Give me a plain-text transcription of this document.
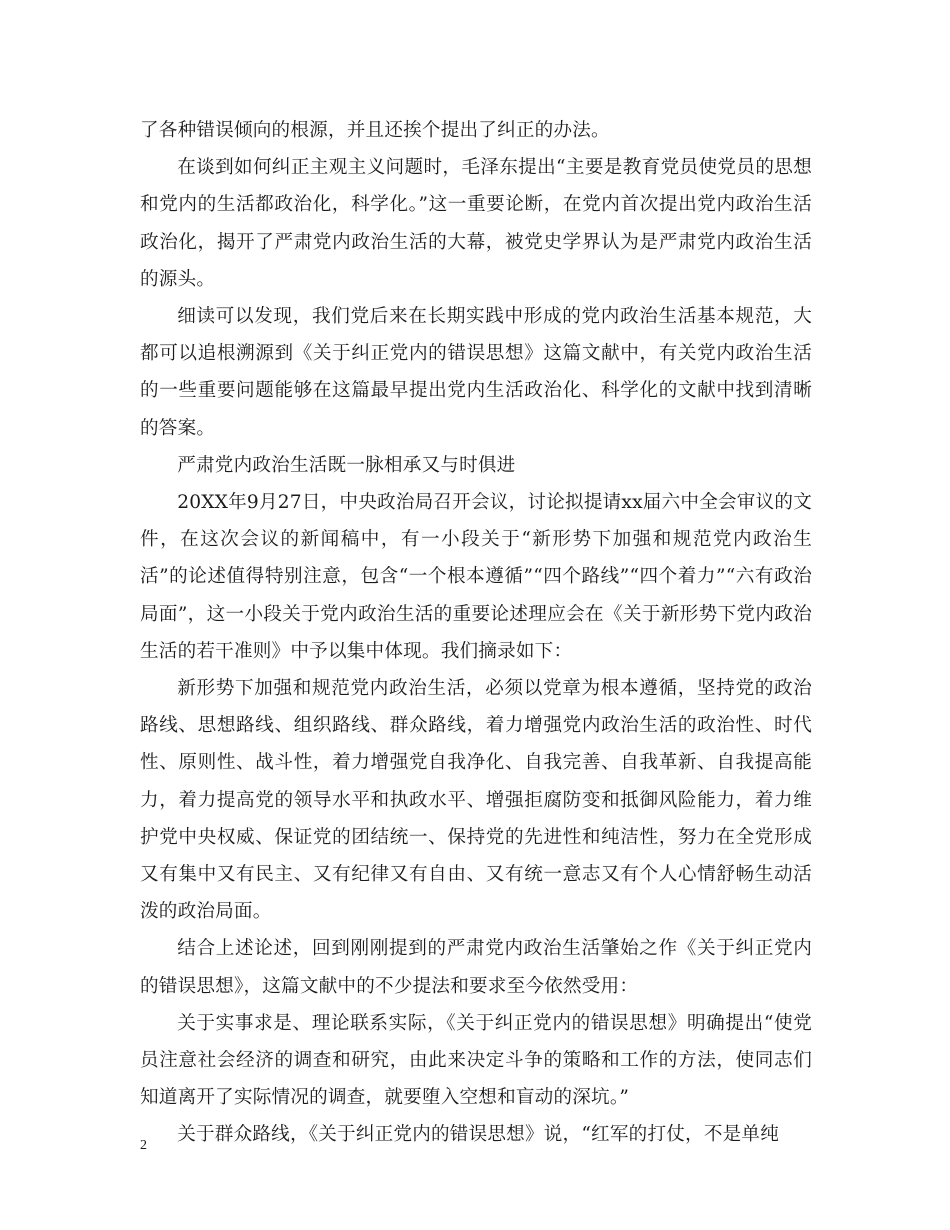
了各种错误倾向的根源，并且还挨个提出了纠正的办法。

在谈到如何纠正主观主义问题时，毛泽东提出“主要是教育党员使党员的思想和党内的生活都政治化，科学化。”这一重要论断，在党内首次提出党内政治生活政治化，揭开了严肃党内政治生活的大幕，被党史学界认为是严肃党内政治生活的源头。

细读可以发现，我们党后来在长期实践中形成的党内政治生活基本规范，大都可以追根溯源到《关于纠正党内的错误思想》这篇文献中，有关党内政治生活的一些重要问题能够在这篇最早提出党内生活政治化、科学化的文献中找到清晰的答案。

严肃党内政治生活既一脉相承又与时俱进

20XX年9月27日，中央政治局召开会议，讨论拟提请xx届六中全会审议的文件，在这次会议的新闻稿中，有一小段关于“新形势下加强和规范党内政治生活”的论述值得特别注意，包含“一个根本遵循”“四个路线”“四个着力”“六有政治局面”，这一小段关于党内政治生活的重要论述理应会在《关于新形势下党内政治生活的若干准则》中予以集中体现。我们摘录如下：

新形势下加强和规范党内政治生活，必须以党章为根本遵循，坚持党的政治路线、思想路线、组织路线、群众路线，着力增强党内政治生活的政治性、时代性、原则性、战斗性，着力增强党自我净化、自我完善、自我革新、自我提高能力，着力提高党的领导水平和执政水平、增强拒腐防变和抵御风险能力，着力维护党中央权威、保证党的团结统一、保持党的先进性和纯洁性，努力在全党形成又有集中又有民主、又有纪律又有自由、又有统一意志又有个人心情舒畅生动活泼的政治局面。

结合上述论述，回到刚刚提到的严肃党内政治生活肇始之作《关于纠正党内的错误思想》，这篇文献中的不少提法和要求至今依然受用：

关于实事求是、理论联系实际，《关于纠正党内的错误思想》明确提出“使党员注意社会经济的调查和研究，由此来决定斗争的策略和工作的方法，使同志们知道离开了实际情况的调查，就要堕入空想和盲动的深坑。”

关于群众路线，《关于纠正党内的错误思想》说，“红军的打仗，不是单纯

2
